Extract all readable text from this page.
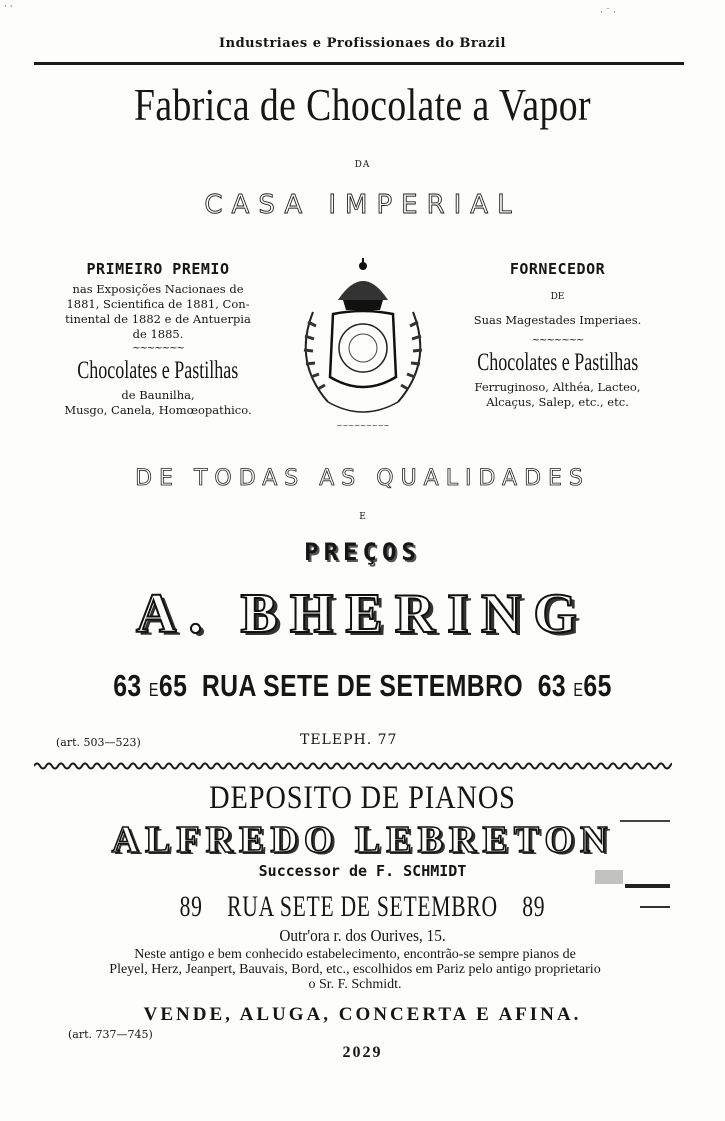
Industriaes e Profissionaes do Brazil
Fabrica de Chocolate a Vapor
DA
CASA IMPERIAL
PRIMEIRO PREMIO
nas Exposições Nacionaes de
1881, Scientifica de 1881, Con-
tinental de 1882 e de Antuerpia
de 1885.
~~~~~~~
Chocolates e Pastilhas
de Baunilha,
Musgo, Canela, Homœopathico.
~~~~~~~~~
FORNECEDOR
DE
Suas Magestades Imperiaes.
~~~~~~~
Chocolates e Pastilhas
Ferruginoso, Althéa, Lacteo,
Alcaçus, Salep, etc., etc.
DE TODAS AS QUALIDADES
E
PREÇOS
A. BHERING
63 E65 RUA SETE DE SETEMBRO 63 E65
(art. 503—523)	TELEPH. 77
DEPOSITO DE PIANOS
ALFREDO LEBRETON
Successor de F. SCHMIDT
89 RUA SETE DE SETEMBRO 89
Outr'ora r. dos Ourives, 15.
Neste antigo e bem conhecido estabelecimento, encontrão-se sempre pianos de
Pleyel, Herz, Jeanpert, Bauvais, Bord, etc., escolhidos em Pariz pelo antigo proprietario
o Sr. F. Schmidt.
VENDE, ALUGA, CONCERTA E AFINA.
(art. 737—745)
2029
· ·
· ˙ ·
